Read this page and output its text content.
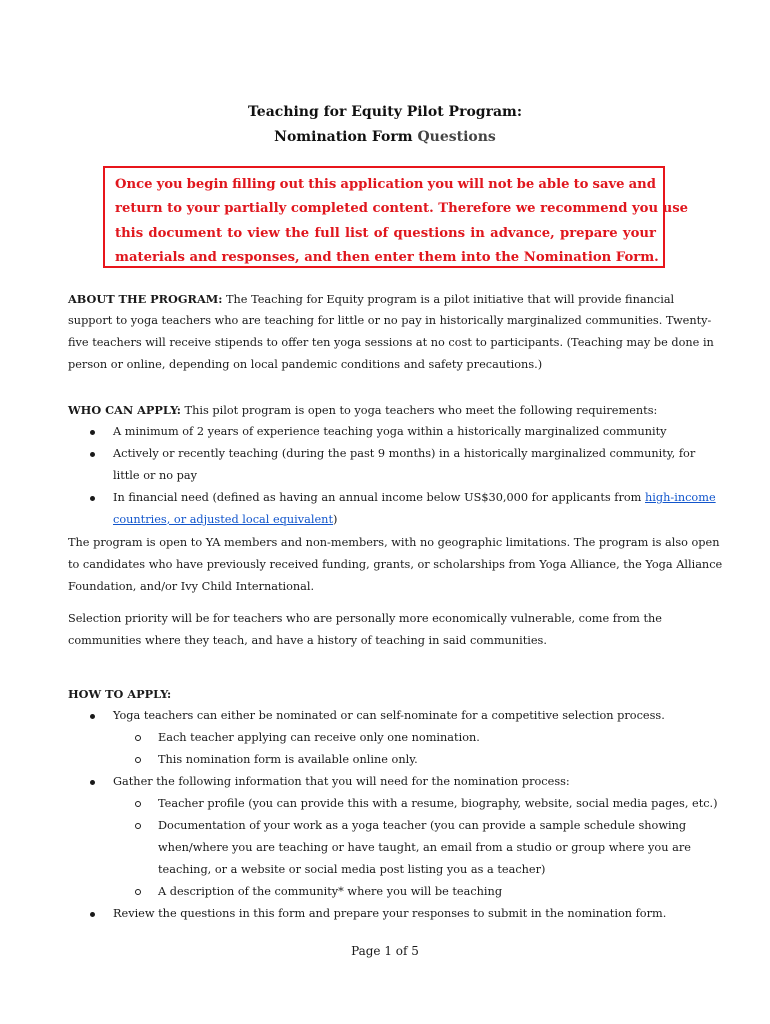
Teaching for Equity Pilot Program:
Nomination Form Questions
Once you begin filling out this application you will not be able to save and
return to your partially completed content. Therefore we recommend you use
this document to view the full list of questions in advance, prepare your
materials and responses, and then enter them into the Nomination Form.
ABOUT THE PROGRAM: The Teaching for Equity program is a pilot initiative that will provide financial
support to yoga teachers who are teaching for little or no pay in historically marginalized communities. Twenty-
five teachers will receive stipends to offer ten yoga sessions at no cost to participants. (Teaching may be done in
person or online, depending on local pandemic conditions and safety precautions.)
WHO CAN APPLY: This pilot program is open to yoga teachers who meet the following requirements:
A minimum of 2 years of experience teaching yoga within a historically marginalized community
Actively or recently teaching (during the past 9 months) in a historically marginalized community, for
little or no pay
In financial need (defined as having an annual income below US$30,000 for applicants from high-income
countries, or adjusted local equivalent)
The program is open to YA members and non-members, with no geographic limitations. The program is also open
to candidates who have previously received funding, grants, or scholarships from Yoga Alliance, the Yoga Alliance
Foundation, and/or Ivy Child International.
Selection priority will be for teachers who are personally more economically vulnerable, come from the
communities where they teach, and have a history of teaching in said communities.
HOW TO APPLY:
Yoga teachers can either be nominated or can self-nominate for a competitive selection process.
Each teacher applying can receive only one nomination.
This nomination form is available online only.
Gather the following information that you will need for the nomination process:
Teacher profile (you can provide this with a resume, biography, website, social media pages, etc.)
Documentation of your work as a yoga teacher (you can provide a sample schedule showing
when/where you are teaching or have taught, an email from a studio or group where you are
teaching, or a website or social media post listing you as a teacher)
A description of the community* where you will be teaching
Review the questions in this form and prepare your responses to submit in the nomination form.
Page 1 of 5
